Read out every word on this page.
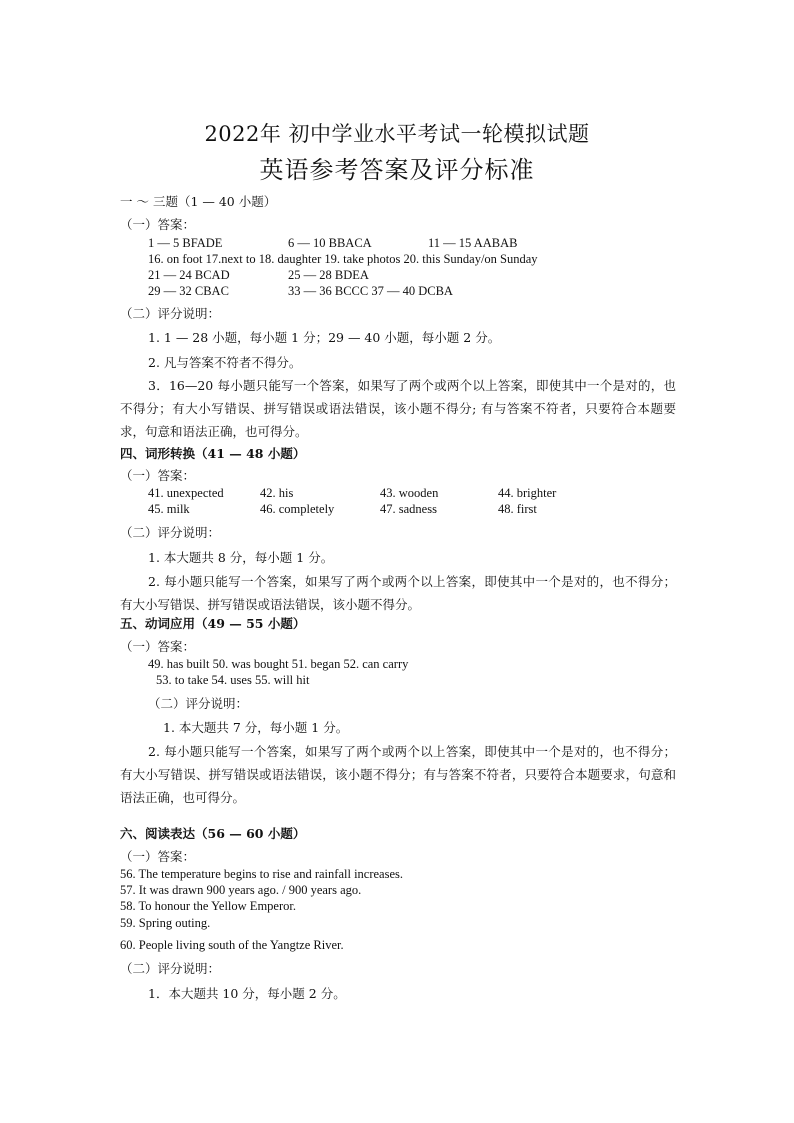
2022年 初中学业水平考试一轮模拟试题
英语参考答案及评分标准
一 ～ 三题（1 — 40 小题）
（一）答案：
1 — 5 BFADE	6 — 10 BBACA	11 — 15 AABAB
16. on foot 17.next to 18. daughter 19. take photos 20. this Sunday/on Sunday
21 — 24 BCAD	25 — 28 BDEA
29 — 32 CBAC	33 — 36 BCCC 37 — 40 DCBA
（二）评分说明：
1. 1 — 28 小题，每小题 1 分；29 — 40 小题，每小题 2 分。
2. 凡与答案不符者不得分。
3．16—20 每小题只能写一个答案，如果写了两个或两个以上答案，即使其中一个是对的，也不得分；有大小写错误、拼写错误或语法错误，该小题不得分; 有与答案不符者，只要符合本题要求，句意和语法正确，也可得分。
四、词形转换（41 — 48 小题）
（一）答案：
41. unexpected	42. his	43. wooden	44. brighter
45. milk	46. completely	47. sadness	48. first
（二）评分说明：
1. 本大题共 8 分，每小题 1 分。
2. 每小题只能写一个答案，如果写了两个或两个以上答案，即使其中一个是对的，也不得分；有大小写错误、拼写错误或语法错误，该小题不得分。
五、动词应用（49 — 55 小题）
（一）答案：
49. has built 50. was bought 51. began 52. can carry
53. to take 54. uses 55. will hit
（二）评分说明：
1. 本大题共 7 分，每小题 1 分。
2. 每小题只能写一个答案，如果写了两个或两个以上答案，即使其中一个是对的，也不得分；有大小写错误、拼写错误或语法错误，该小题不得分；有与答案不符者，只要符合本题要求，句意和语法正确，也可得分。
六、阅读表达（56 — 60 小题）
（一）答案：
56. The temperature begins to rise and rainfall increases.
57. It was drawn 900 years ago. / 900 years ago.
58. To honour the Yellow Emperor.
59. Spring outing.
60. People living south of the Yangtze River.
（二）评分说明：
1．本大题共 10 分，每小题 2 分。
